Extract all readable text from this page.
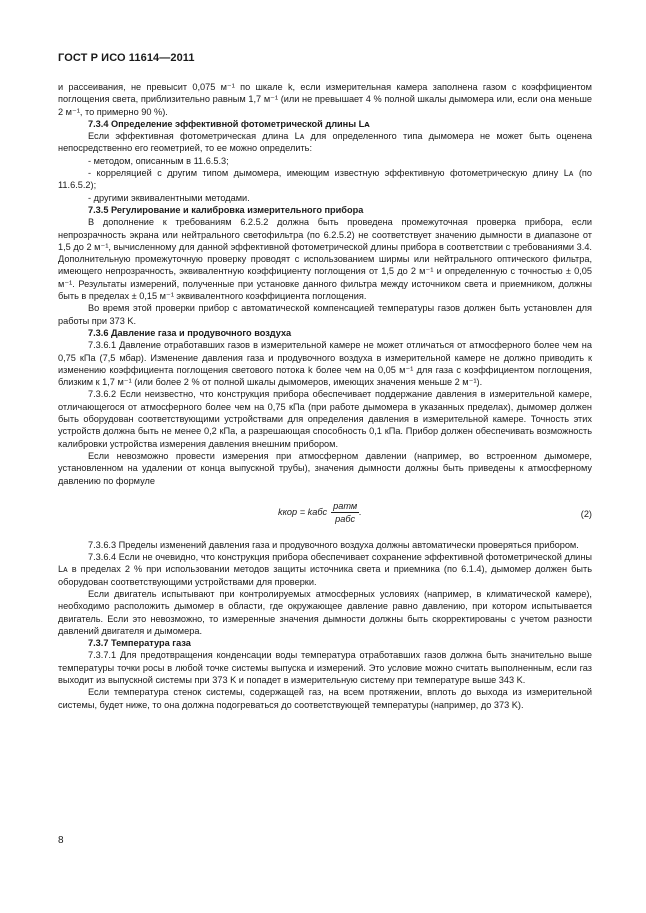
ГОСТ Р ИСО 11614—2011

и рассеивания, не превысит 0,075 м⁻¹ по шкале k, если измерительная камера заполнена газом с коэффициентом поглощения света, приблизительно равным 1,7 м⁻¹ (или не превышает 4 % полной шкалы дымомера или, если она меньше 2 м⁻¹, то примерно 90 %).

7.3.4 Определение эффективной фотометрической длины Lᴀ

Если эффективная фотометрическая длина Lᴀ для определенного типа дымомера не может быть оценена непосредственно его геометрией, то ее можно определить:

- методом, описанным в 11.6.5.3;

- корреляцией с другим типом дымомера, имеющим известную эффективную фотометрическую длину Lᴀ (по 11.6.5.2);

- другими эквивалентными методами.

7.3.5 Регулирование и калибровка измерительного прибора

В дополнение к требованиям 6.2.5.2 должна быть проведена промежуточная проверка прибора, если непрозрачность экрана или нейтрального светофильтра (по 6.2.5.2) не соответствует значению дымности в диапазоне от 1,5 до 2 м⁻¹, вычисленному для данной эффективной фотометрической длины прибора в соответствии с требованиями 3.4. Дополнительную промежуточную проверку проводят с использованием ширмы или нейтрального оптического фильтра, имеющего непрозрачность, эквивалентную коэффициенту поглощения от 1,5 до 2 м⁻¹ и определенную с точностью ± 0,05 м⁻¹. Результаты измерений, полученные при установке данного фильтра между источником света и приемником, должны быть в пределах ± 0,15 м⁻¹ эквивалентного коэффициента поглощения.

Во время этой проверки прибор с автоматической компенсацией температуры газов должен быть установлен для работы при 373 K.

7.3.6 Давление газа и продувочного воздуха

7.3.6.1 Давление отработавших газов в измерительной камере не может отличаться от атмосферного более чем на 0,75 кПа (7,5 мбар). Изменение давления газа и продувочного воздуха в измерительной камере не должно приводить к изменению коэффициента поглощения светового потока k более чем на 0,05 м⁻¹ для газа с коэффициентом поглощения, близким к 1,7 м⁻¹ (или более 2 % от полной шкалы дымомеров, имеющих значения меньше 2 м⁻¹).

7.3.6.2 Если неизвестно, что конструкция прибора обеспечивает поддержание давления в измерительной камере, отличающегося от атмосферного более чем на 0,75 кПа (при работе дымомера в указанных пределах), дымомер должен быть оборудован соответствующими устройствами для определения давления в измерительной камере. Точность этих устройств должна быть не менее 0,2 кПа, а разрешающая способность 0,1 кПа. Прибор должен обеспечивать возможность калибровки устройства измерения давления внешним прибором.

Если невозможно провести измерения при атмосферном давлении (например, во встроенном дымомере, установленном на удалении от конца выпускной трубы), значения дымности должны быть приведены к атмосферному давлению по формуле

kкор = kабс $\frac{\text{pатм}}{\text{pабс}}$ .	(2)

7.3.6.3 Пределы изменений давления газа и продувочного воздуха должны автоматически проверяться прибором.

7.3.6.4 Если не очевидно, что конструкция прибора обеспечивает сохранение эффективной фотометрической длины Lᴀ в пределах 2 % при использовании методов защиты источника света и приемника (по 6.1.4), дымомер должен быть оборудован соответствующими устройствами для проверки.

Если двигатель испытывают при контролируемых атмосферных условиях (например, в климатической камере), необходимо расположить дымомер в области, где окружающее давление равно давлению, при котором испытывается двигатель. Если это невозможно, то измеренные значения дымности должны быть скорректированы с учетом разности давлений двигателя и дымомера.

7.3.7 Температура газа

7.3.7.1 Для предотвращения конденсации воды температура отработавших газов должна быть значительно выше температуры точки росы в любой точке системы выпуска и измерений. Это условие можно считать выполненным, если газ выходит из выпускной системы при 373 K и попадет в измерительную систему при температуре выше 343 K.

Если температура стенок системы, содержащей газ, на всем протяжении, вплоть до выхода из измерительной системы, будет ниже, то она должна подогреваться до соответствующей температуры (например, до 373 K).

8
